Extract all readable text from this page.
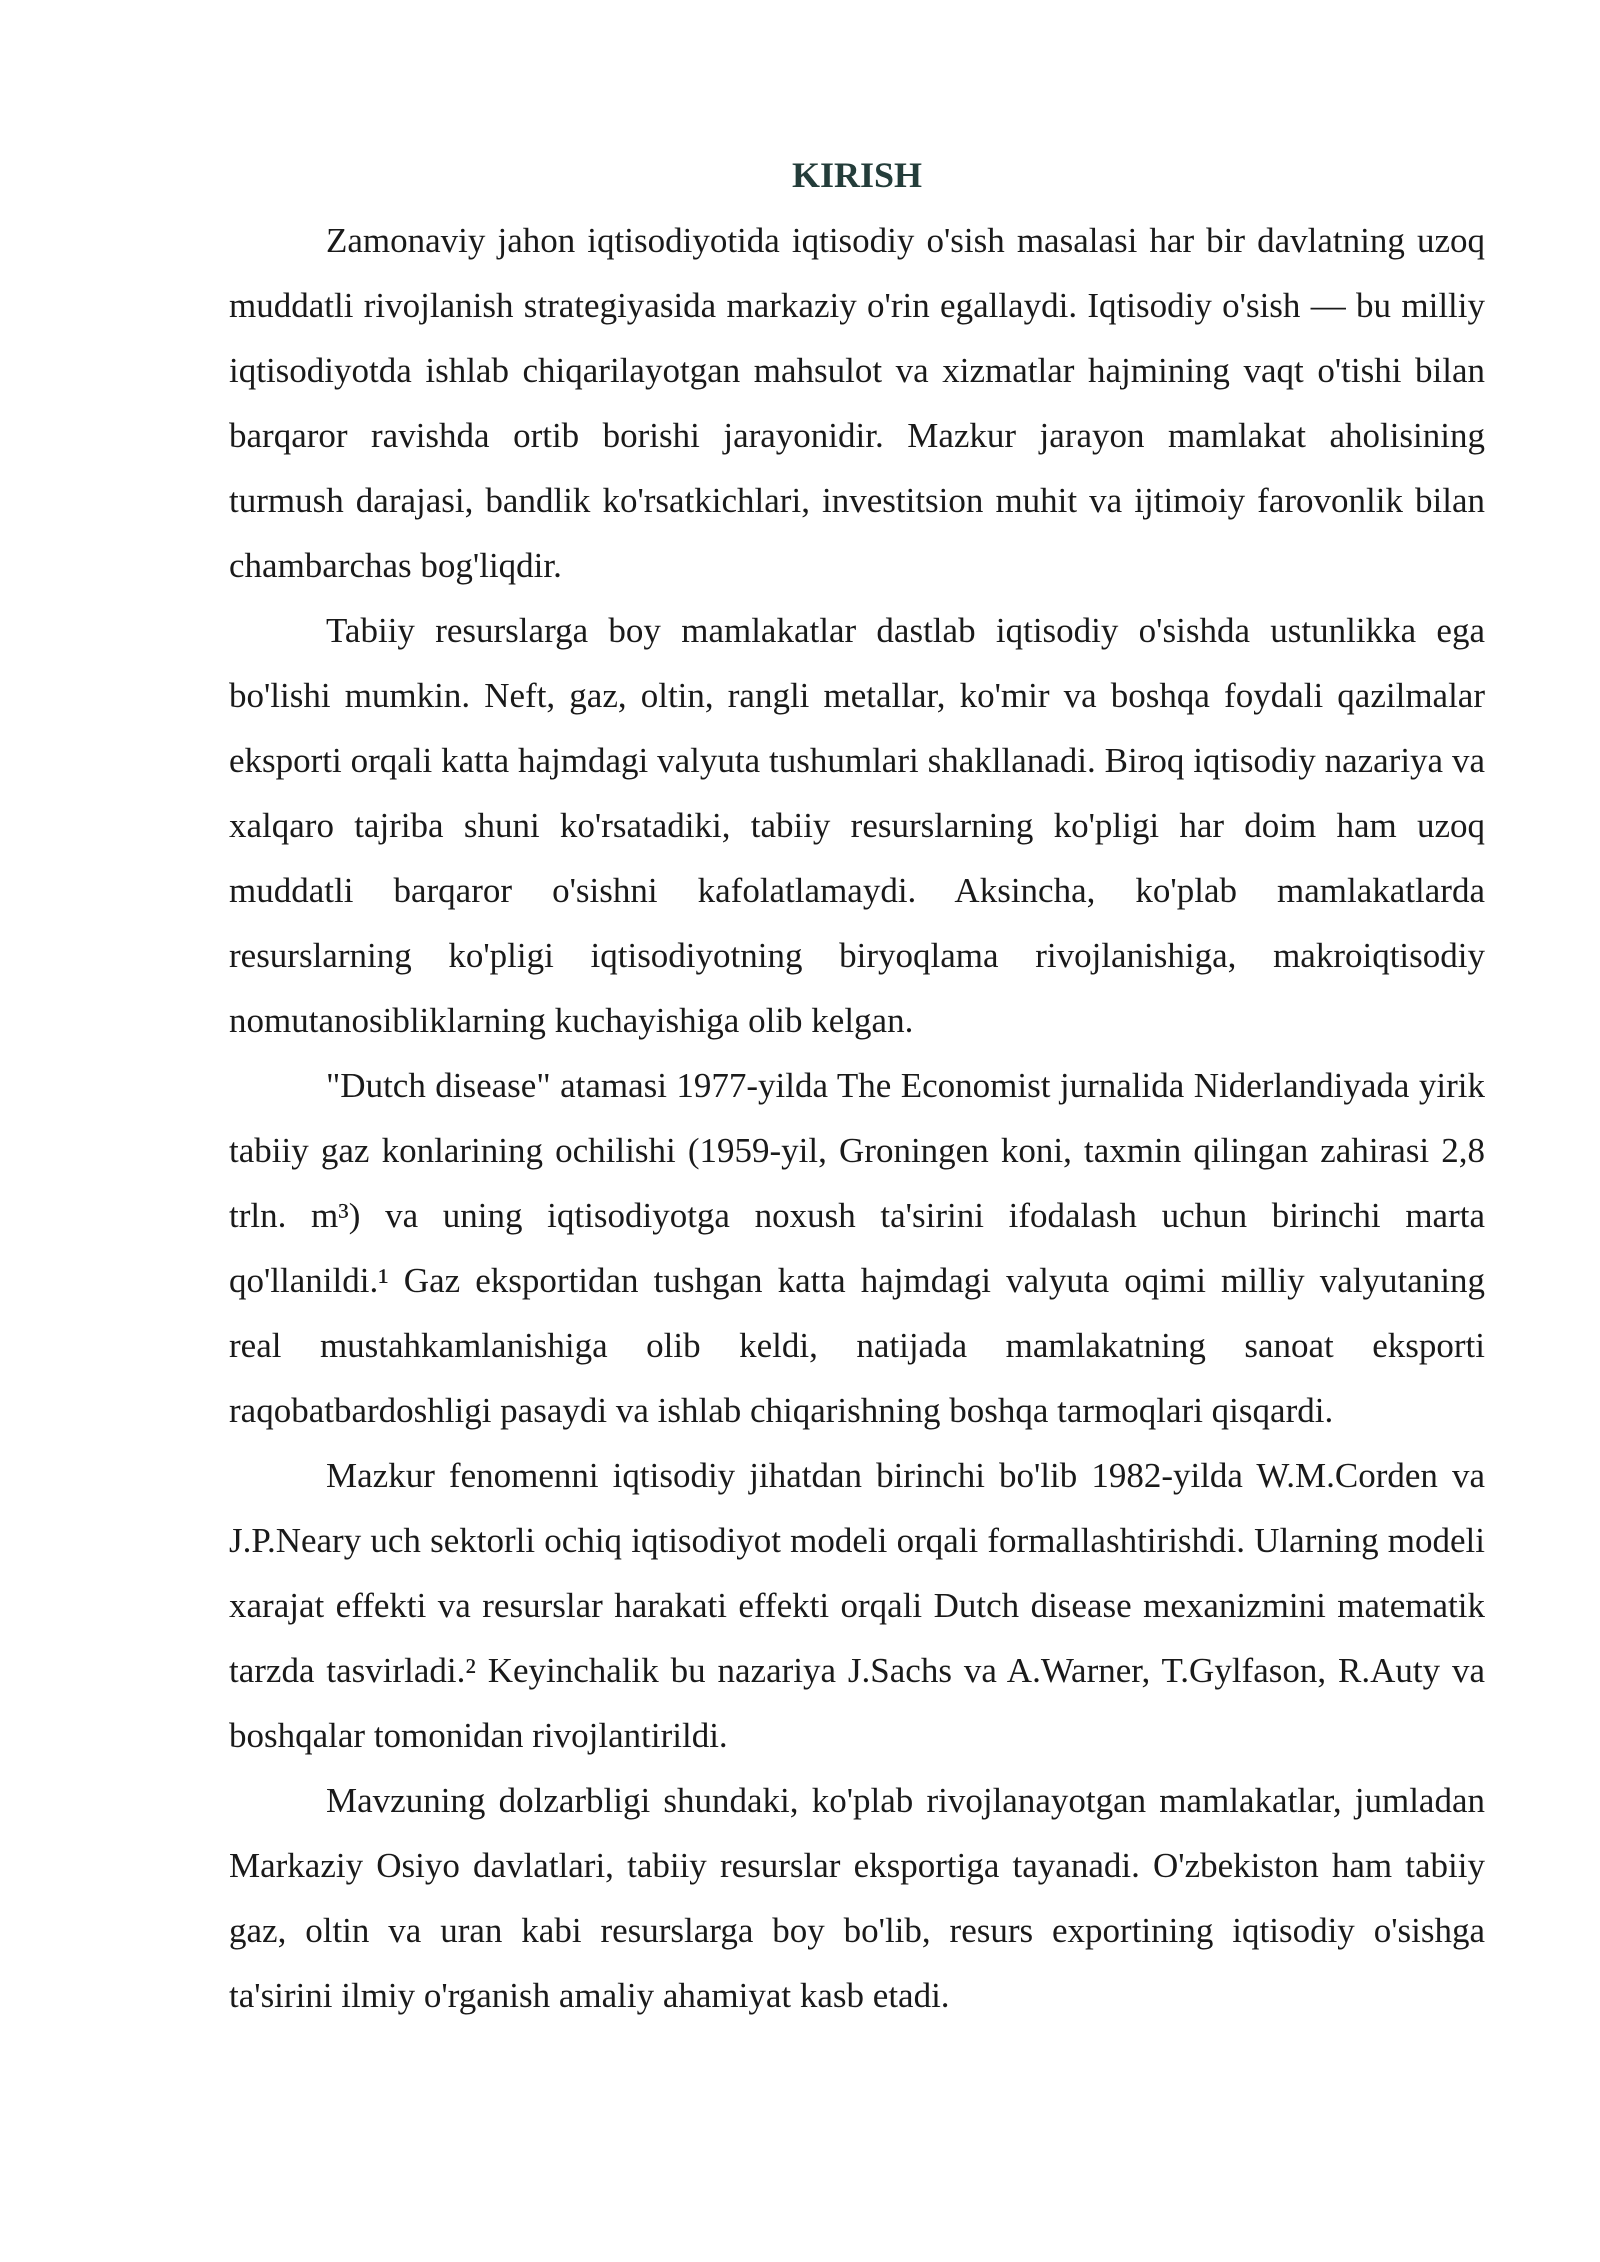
KIRISH

Zamonaviy jahon iqtisodiyotida iqtisodiy o'sish masalasi har bir davlatning uzoq muddatli rivojlanish strategiyasida markaziy o'rin egallaydi. Iqtisodiy o'sish — bu milliy iqtisodiyotda ishlab chiqarilayotgan mahsulot va xizmatlar hajmining vaqt o'tishi bilan barqaror ravishda ortib borishi jarayonidir. Mazkur jarayon mamlakat aholisining turmush darajasi, bandlik ko'rsatkichlari, investitsion muhit va ijtimoiy farovonlik bilan chambarchas bog'liqdir.

Tabiiy resurslarga boy mamlakatlar dastlab iqtisodiy o'sishda ustunlikka ega bo'lishi mumkin. Neft, gaz, oltin, rangli metallar, ko'mir va boshqa foydali qazilmalar eksporti orqali katta hajmdagi valyuta tushumlari shakllanadi. Biroq iqtisodiy nazariya va xalqaro tajriba shuni ko'rsatadiki, tabiiy resurslarning ko'pligi har doim ham uzoq muddatli barqaror o'sishni kafolatlamaydi. Aksincha, ko'plab mamlakatlarda resurslarning ko'pligi iqtisodiyotning biryoqlama rivojlanishiga, makroiqtisodiy nomutanosibliklarning kuchayishiga olib kelgan.

"Dutch disease" atamasi 1977-yilda The Economist jurnalida Niderlandiyada yirik tabiiy gaz konlarining ochilishi (1959-yil, Groningen koni, taxmin qilingan zahirasi 2,8 trln. m³) va uning iqtisodiyotga noxush ta'sirini ifodalash uchun birinchi marta qo'llanildi.¹ Gaz eksportidan tushgan katta hajmdagi valyuta oqimi milliy valyutaning real mustahkamlanishiga olib keldi, natijada mamlakatning sanoat eksporti raqobatbardoshligi pasaydi va ishlab chiqarishning boshqa tarmoqlari qisqardi.

Mazkur fenomenni iqtisodiy jihatdan birinchi bo'lib 1982-yilda W.M.Corden va J.P.Neary uch sektorli ochiq iqtisodiyot modeli orqali formallashtirishdi. Ularning modeli xarajat effekti va resurslar harakati effekti orqali Dutch disease mexanizmini matematik tarzda tasvirladi.² Keyinchalik bu nazariya J.Sachs va A.Warner, T.Gylfason, R.Auty va boshqalar tomonidan rivojlantirildi.

Mavzuning dolzarbligi shundaki, ko'plab rivojlanayotgan mamlakatlar, jumladan Markaziy Osiyo davlatlari, tabiiy resurslar eksportiga tayanadi. O'zbekiston ham tabiiy gaz, oltin va uran kabi resurslarga boy bo'lib, resurs exportining iqtisodiy o'sishga ta'sirini ilmiy o'rganish amaliy ahamiyat kasb etadi.
